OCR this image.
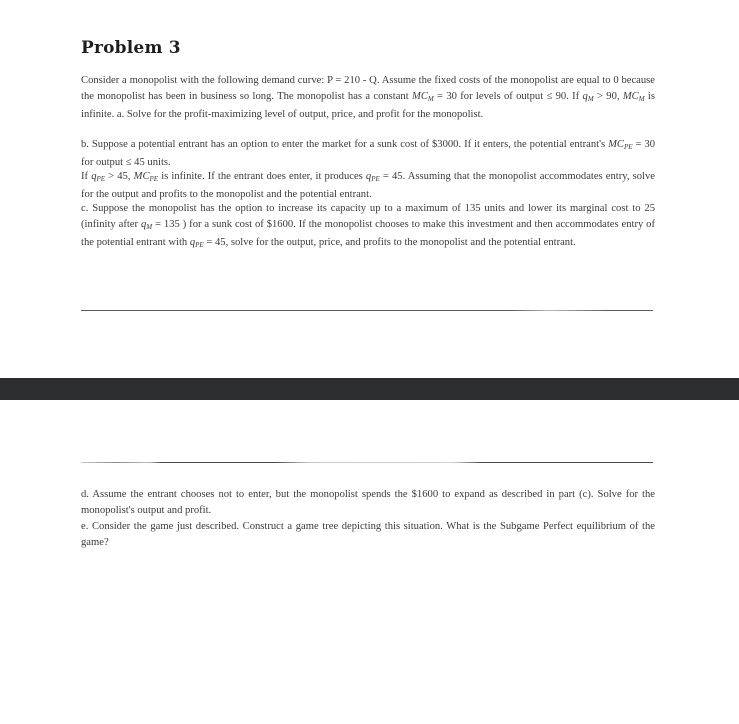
Problem 3

Consider a monopolist with the following demand curve: P = 210 - Q. Assume the fixed costs of the monopolist are equal to 0 because the monopolist has been in business so long. The monopolist has a constant $MC_M = 30$ for levels of output ≤ 90. If $q_M > 90$, $MC_M$ is infinite. a. Solve for the profit-maximizing level of output, price, and profit for the monopolist.

b. Suppose a potential entrant has an option to enter the market for a sunk cost of $3000. If it enters, the potential entrant's $MC_{PE} = 30$ for output ≤ 45 units.

If $q_{PE} > 45$, $MC_{PE}$ is infinite. If the entrant does enter, it produces $q_{PE} = 45$. Assuming that the monopolist accommodates entry, solve for the output and profits to the monopolist and the potential entrant.

c. Suppose the monopolist has the option to increase its capacity up to a maximum of 135 units and lower its marginal cost to 25 (infinity after $q_M = 135$ ) for a sunk cost of $1600. If the monopolist chooses to make this investment and then accommodates entry of the potential entrant with $q_{PE} = 45$, solve for the output, price, and profits to the monopolist and the potential entrant.

d. Assume the entrant chooses not to enter, but the monopolist spends the $1600 to expand as described in part (c). Solve for the monopolist's output and profit.

e. Consider the game just described. Construct a game tree depicting this situation. What is the Subgame Perfect equilibrium of the game?
